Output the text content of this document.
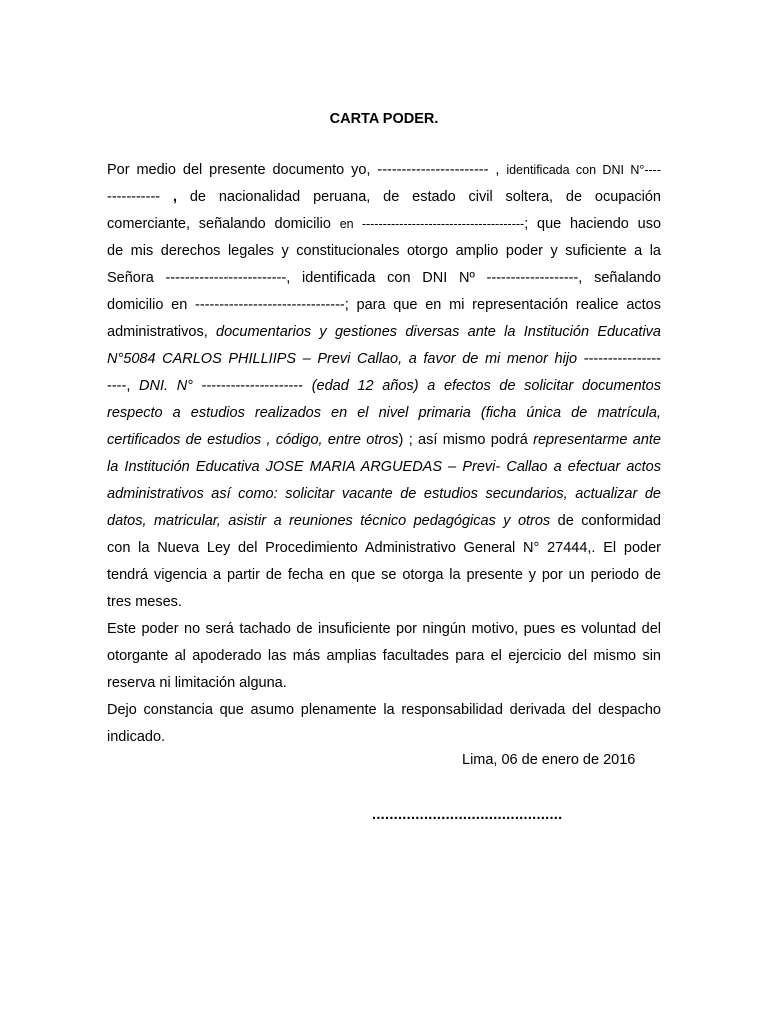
CARTA PODER.
Por medio del presente documento yo, ----------------------- , identificada con DNI N°----
----------- , de nacionalidad peruana, de estado civil soltera, de ocupación
comerciante, señalando domicilio en ---------------------------------------; que haciendo uso
de mis derechos legales y constitucionales otorgo amplio poder y suficiente a la
Señora -------------------------, identificada con DNI Nº -------------------, señalando
domicilio en -------------------------------; para que en mi representación realice actos
administrativos, documentarios y gestiones diversas ante la Institución Educativa
N°5084 CARLOS PHILLIIPS – Previ Callao, a favor de mi menor hijo ----------------
----, DNI. N° --------------------- (edad 12 años) a efectos de solicitar documentos
respecto a estudios realizados en el nivel primaria (ficha única de matrícula,
certificados de estudios , código, entre otros) ; así mismo podrá representarme ante
la Institución Educativa JOSE MARIA ARGUEDAS – Previ- Callao a efectuar actos
administrativos así como: solicitar vacante de estudios secundarios, actualizar de
datos, matricular, asistir a reuniones técnico pedagógicas y otros de conformidad
con la Nueva Ley del Procedimiento Administrativo General N° 27444,. El poder
tendrá vigencia a partir de fecha en que se otorga la presente y por un periodo de
tres meses.
Este poder no será tachado de insuficiente por ningún motivo, pues es voluntad del
otorgante al apoderado las más amplias facultades para el ejercicio del mismo sin
reserva ni limitación alguna.
Dejo constancia que asumo plenamente la responsabilidad derivada del despacho
indicado.
Lima, 06 de enero de 2016
............................................
